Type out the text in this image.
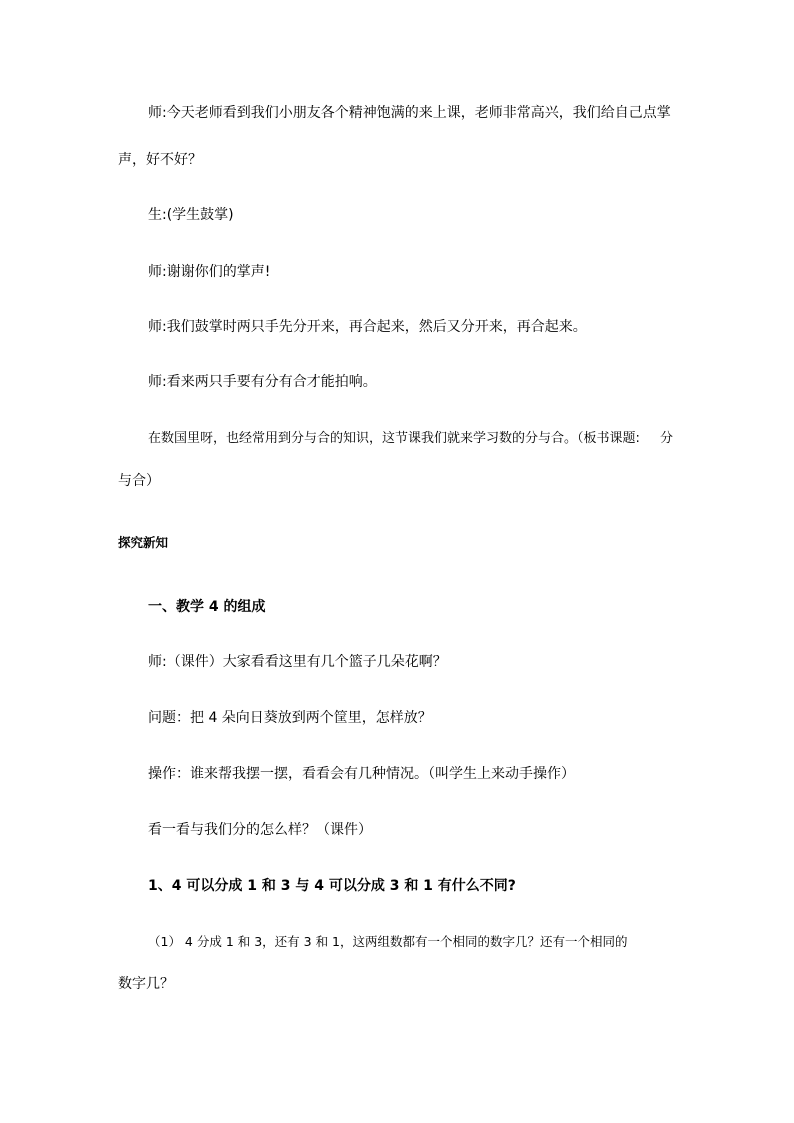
师:今天老师看到我们小朋友各个精神饱满的来上课，老师非常高兴，我们给自己点掌
声，好不好？
生:(学生鼓掌)
师:谢谢你们的掌声!
师:我们鼓掌时两只手先分开来，再合起来，然后又分开来，再合起来。
师:看来两只手要有分有合才能拍响。
在数国里呀，也经常用到分与合的知识，这节课我们就来学习数的分与合。（板书课题: 分
与合）
探究新知
一、教学 4 的组成
师:（课件）大家看看这里有几个篮子几朵花啊？
问题：把 4 朵向日葵放到两个筐里，怎样放？
操作：谁来帮我摆一摆，看看会有几种情况。（叫学生上来动手操作）
看一看与我们分的怎么样？（课件）
1、4 可以分成 1 和 3 与 4 可以分成 3 和 1 有什么不同?
（1） 4 分成 1 和 3，还有 3 和 1，这两组数都有一个相同的数字几？还有一个相同的
数字几？
